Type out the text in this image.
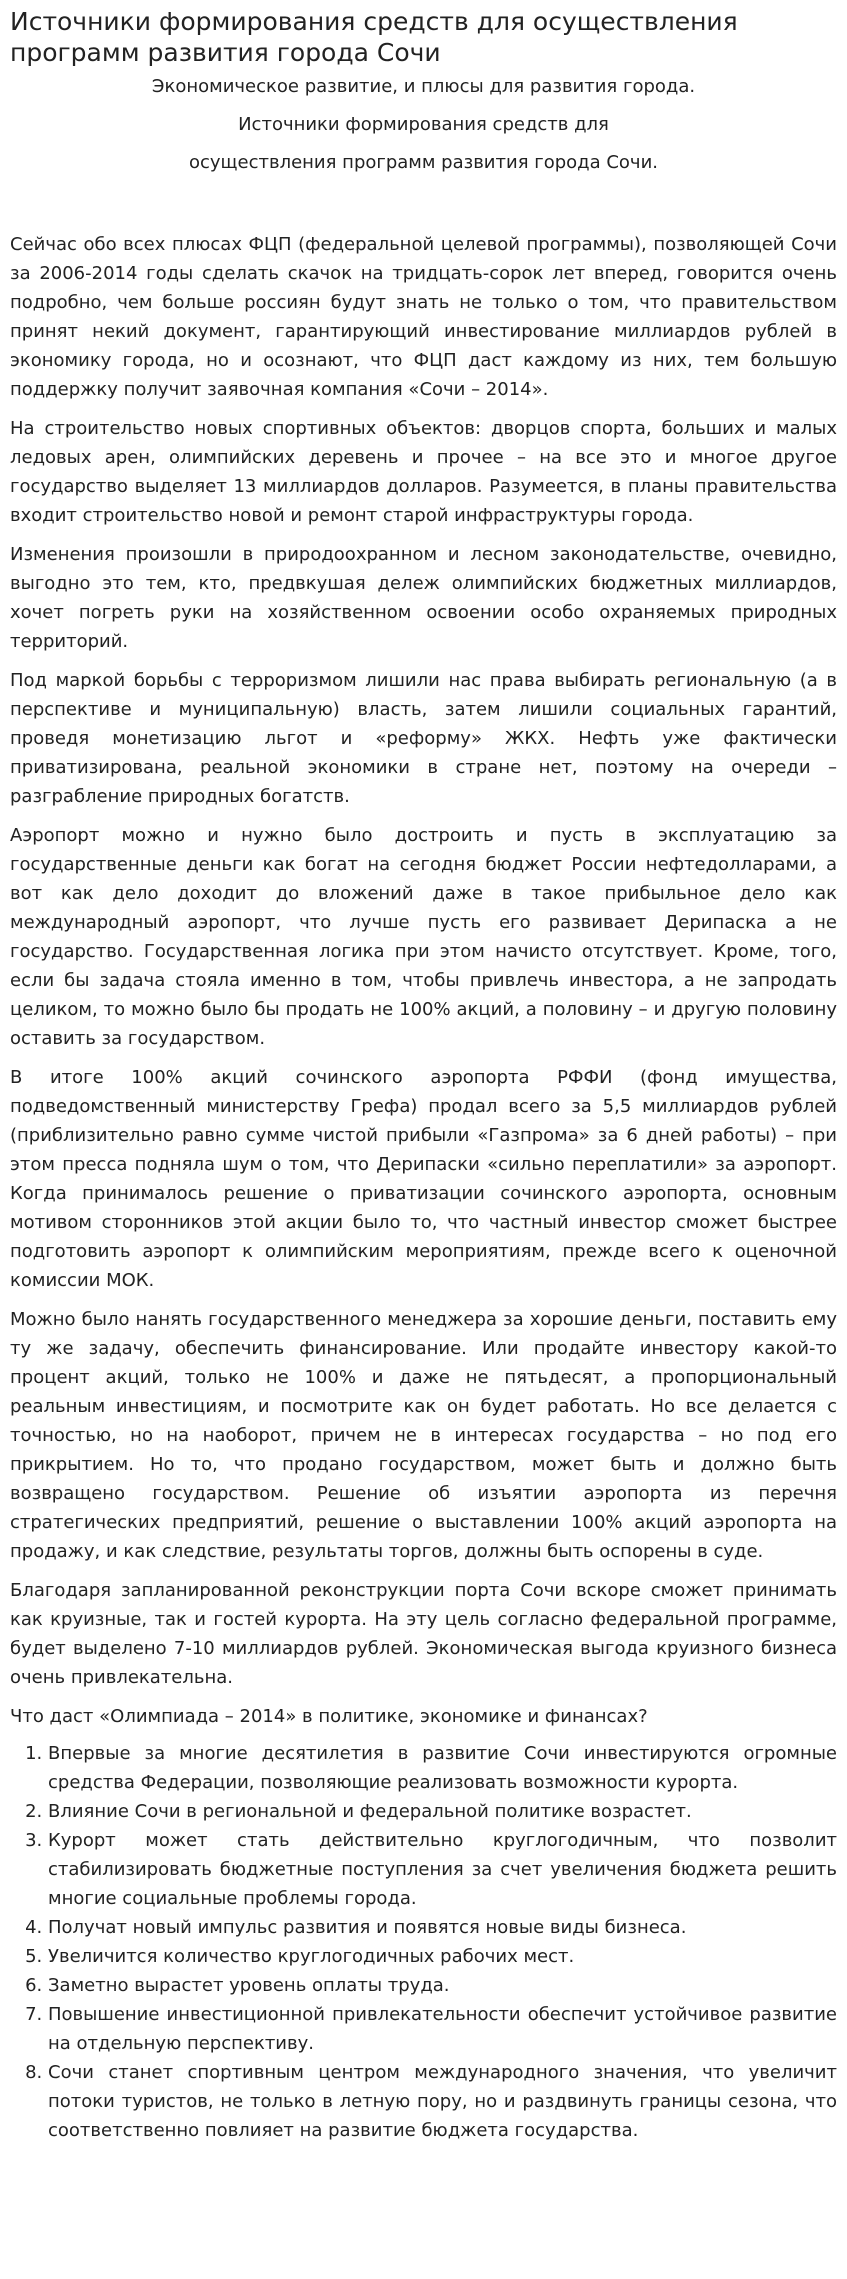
Источники формирования средств для осуществления программ развития города Сочи

Экономическое развитие, и плюсы для развития города.

Источники формирования средств для

осуществления программ развития города Сочи.

Сейчас обо всех плюсах ФЦП (федеральной целевой программы), позволяющей Сочи за 2006-2014 годы сделать скачок на тридцать-сорок лет вперед, говорится очень подробно, чем больше россиян будут знать не только о том, что правительством принят некий документ, гарантирующий инвестирование миллиардов рублей в экономику города, но и осознают, что ФЦП даст каждому из них, тем большую поддержку получит заявочная компания «Сочи – 2014».

На строительство новых спортивных объектов: дворцов спорта, больших и малых ледовых арен, олимпийских деревень и прочее – на все это и многое другое государство выделяет 13 миллиардов долларов. Разумеется, в планы правительства входит строительство новой и ремонт старой инфраструктуры города.

Изменения произошли в природоохранном и лесном законодательстве, очевидно, выгодно это тем, кто, предвкушая дележ олимпийских бюджетных миллиардов, хочет погреть руки на хозяйственном освоении особо охраняемых природных территорий.

Под маркой борьбы с терроризмом лишили нас права выбирать региональную (а в перспективе и муниципальную) власть, затем лишили социальных гарантий, проведя монетизацию льгот и «реформу» ЖКХ. Нефть уже фактически приватизирована, реальной экономики в стране нет, поэтому на очереди – разграбление природных богатств.

Аэропорт можно и нужно было достроить и пусть в эксплуатацию за государственные деньги как богат на сегодня бюджет России нефтедолларами, а вот как дело доходит до вложений даже в такое прибыльное дело как международный аэропорт, что лучше пусть его развивает Дерипаска а не государство. Государственная логика при этом начисто отсутствует. Кроме, того, если бы задача стояла именно в том, чтобы привлечь инвестора, а не запродать целиком, то можно было бы продать не 100% акций, а половину – и другую половину оставить за государством.

В итоге 100% акций сочинского аэропорта РФФИ (фонд имущества, подведомственный министерству Грефа) продал всего за 5,5 миллиардов рублей (приблизительно равно сумме чистой прибыли «Газпрома» за 6 дней работы) – при этом пресса подняла шум о том, что Дерипаски «сильно переплатили» за аэропорт. Когда принималось решение о приватизации сочинского аэропорта, основным мотивом сторонников этой акции было то, что частный инвестор сможет быстрее подготовить аэропорт к олимпийским мероприятиям, прежде всего к оценочной комиссии МОК.

Можно было нанять государственного менеджера за хорошие деньги, поставить ему ту же задачу, обеспечить финансирование. Или продайте инвестору какой-то процент акций, только не 100% и даже не пятьдесят, а пропорциональный реальным инвестициям, и посмотрите как он будет работать. Но все делается с точностью, но на наоборот, причем не в интересах государства – но под его прикрытием. Но то, что продано государством, может быть и должно быть возвращено государством. Решение об изъятии аэропорта из перечня стратегических предприятий, решение о выставлении 100% акций аэропорта на продажу, и как следствие, результаты торгов, должны быть оспорены в суде.

Благодаря запланированной реконструкции порта Сочи вскоре сможет принимать как круизные, так и гостей курорта. На эту цель согласно федеральной программе, будет выделено 7-10 миллиардов рублей. Экономическая выгода круизного бизнеса очень привлекательна.

Что даст «Олимпиада – 2014» в политике, экономике и финансах?

1. Впервые за многие десятилетия в развитие Сочи инвестируются огромные средства Федерации, позволяющие реализовать возможности курорта.
2. Влияние Сочи в региональной и федеральной политике возрастет.
3. Курорт может стать действительно круглогодичным, что позволит стабилизировать бюджетные поступления за счет увеличения бюджета решить многие социальные проблемы города.
4. Получат новый импульс развития и появятся новые виды бизнеса.
5. Увеличится количество круглогодичных рабочих мест.
6. Заметно вырастет уровень оплаты труда.
7. Повышение инвестиционной привлекательности обеспечит устойчивое развитие на отдельную перспективу.
8. Сочи станет спортивным центром международного значения, что увеличит потоки туристов, не только в летную пору, но и раздвинуть границы сезона, что соответственно повлияет на развитие бюджета государства.
